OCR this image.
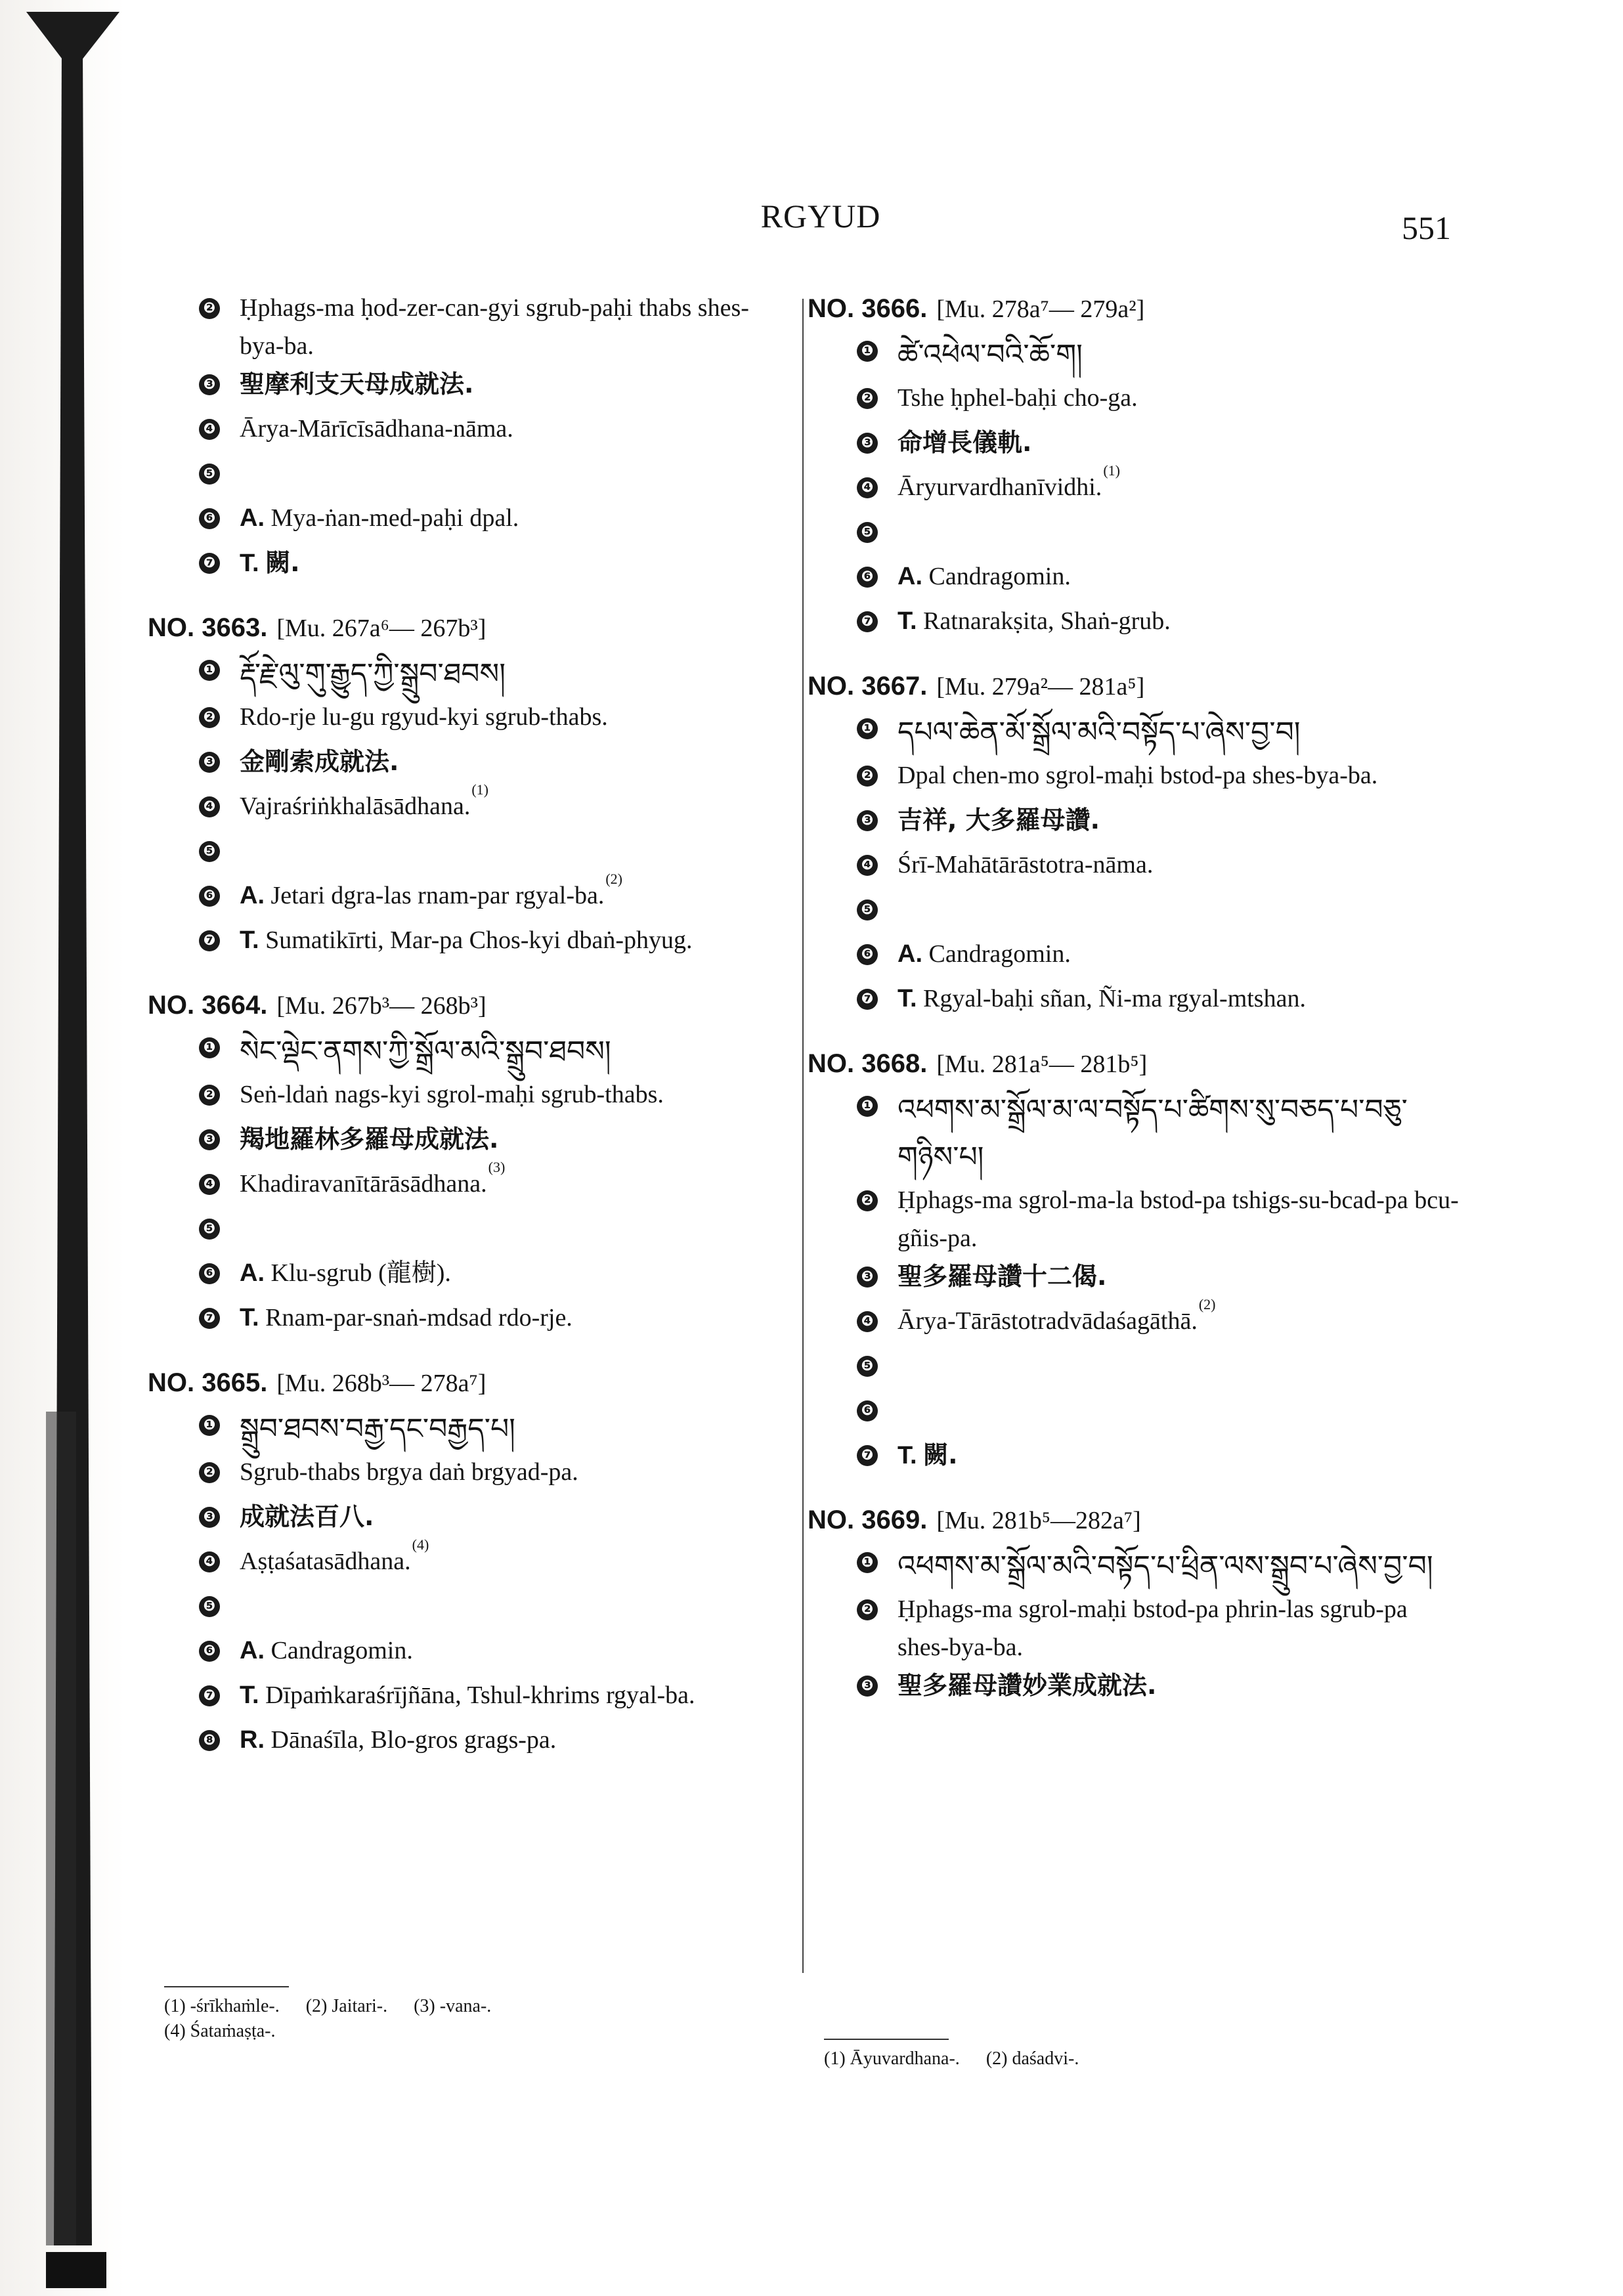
RGYUD	551
❷ Ḥphags-ma ḥod-zer-can-gyi sgrub-paḥi thabs shes-bya-ba.
❸ 聖摩利支天母成就法.
❹ Ārya-Mārīcīsādhana-nāma.
❺
❻ A. Mya-ṅan-med-paḥi dpal.
❼ T. 闕.
NO. 3663. [Mu. 267a⁶— 267b³]
❶ རྡོ་རྗེ་ལུ་གུ་རྒྱུད་ཀྱི་སྒྲུབ་ཐབས།
❷ Rdo-rje lu-gu rgyud-kyi sgrub-thabs.
❸ 金剛索成就法.
❹ Vajraśriṅkhalāsādhana.$^{(1)}$
❺
❻ A. Jetari dgra-las rnam-par rgyal-ba.$^{(2)}$
❼ T. Sumatikīrti, Mar-pa Chos-kyi dbaṅ-phyug.
NO. 3664. [Mu. 267b³— 268b³]
❶ སེང་ལྡེང་ནགས་ཀྱི་སྒྲོལ་མའི་སྒྲུབ་ཐབས།
❷ Seṅ-ldaṅ nags-kyi sgrol-maḥi sgrub-thabs.
❸ 羯地羅林多羅母成就法.
❹ Khadiravanītārāsādhana.$^{(3)}$
❺
❻ A. Klu-sgrub (龍樹).
❼ T. Rnam-par-snaṅ-mdsad rdo-rje.
NO. 3665. [Mu. 268b³— 278a⁷]
❶ སྒྲུབ་ཐབས་བརྒྱ་དང་བརྒྱད་པ།
❷ Sgrub-thabs brgya daṅ brgyad-pa.
❸ 成就法百八.
❹ Aṣṭaśatasādhana.$^{(4)}$
❺
❻ A. Candragomin.
❼ T. Dīpaṁkaraśrījñāna, Tshul-khrims rgyal-ba.
❽ R. Dānaśīla, Blo-gros grags-pa.
(1) -śrīkhaṁle-. (2) Jaitari-. (3) -vana-.
(4) Śataṁaṣṭa-.
NO. 3666. [Mu. 278a⁷— 279a²]
❶ ཚེ་འཕེལ་བའི་ཆོ་ག།
❷ Tshe ḥphel-baḥi cho-ga.
❸ 命增長儀軌.
❹ Āryurvardhanīvidhi.$^{(1)}$
❺
❻ A. Candragomin.
❼ T. Ratnarakṣita, Shaṅ-grub.
NO. 3667. [Mu. 279a²— 281a⁵]
❶ དཔལ་ཆེན་མོ་སྒྲོལ་མའི་བསྟོད་པ་ཞེས་བྱ་བ།
❷ Dpal chen-mo sgrol-maḥi bstod-pa shes-bya-ba.
❸ 吉祥, 大多羅母讚.
❹ Śrī-Mahātārāstotra-nāma.
❺
❻ A. Candragomin.
❼ T. Rgyal-baḥi sñan, Ñi-ma rgyal-mtshan.
NO. 3668. [Mu. 281a⁵— 281b⁵]
❶ འཕགས་མ་སྒྲོལ་མ་ལ་བསྟོད་པ་ཚིགས་སུ་བཅད་པ་བཅུ་གཉིས་པ།
❷ Ḥphags-ma sgrol-ma-la bstod-pa tshigs-su-bcad-pa bcu-gñis-pa.
❸ 聖多羅母讚十二偈.
❹ Ārya-Tārāstotradvādaśagāthā.$^{(2)}$
❺
❻
❼ T. 闕.
NO. 3669. [Mu. 281b⁵—282a⁷]
❶ འཕགས་མ་སྒྲོལ་མའི་བསྟོད་པ་ཕྲིན་ལས་སྒྲུབ་པ་ཞེས་བྱ་བ།
❷ Ḥphags-ma sgrol-maḥi bstod-pa phrin-las sgrub-pa shes-bya-ba.
❸ 聖多羅母讚妙業成就法.
(1) Āyuvardhana-. (2) daśadvi-.
